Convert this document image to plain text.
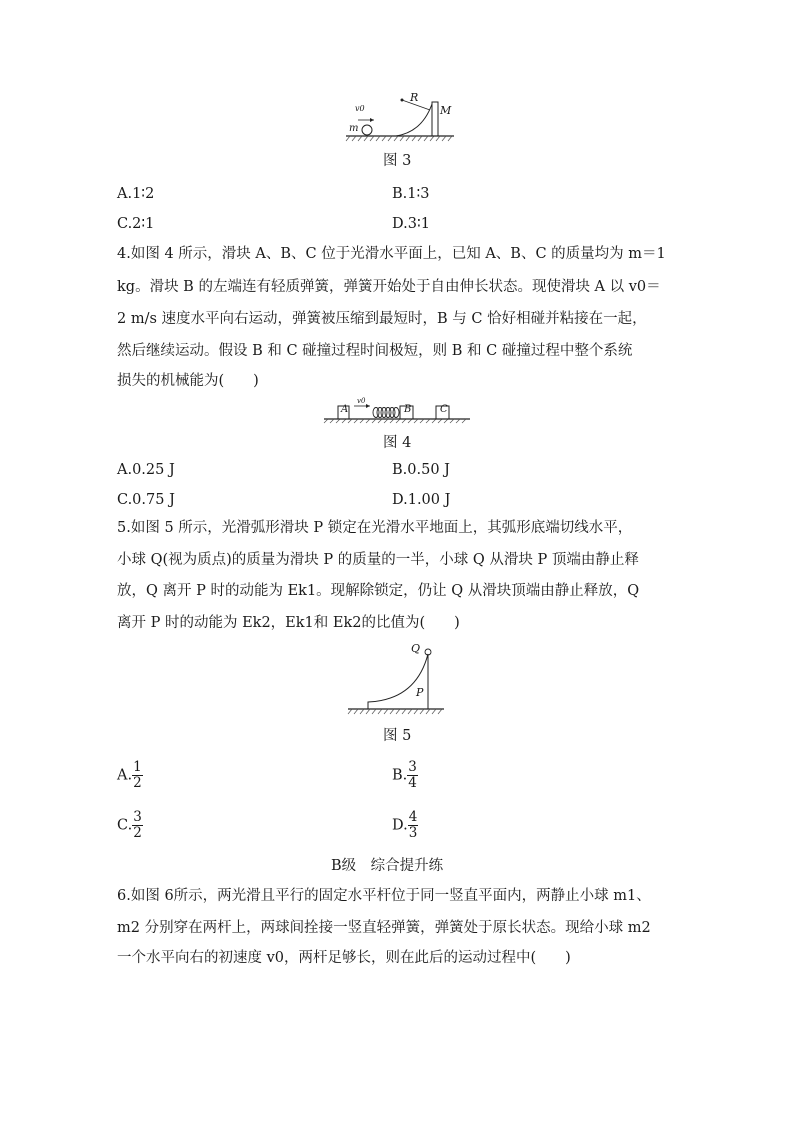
v0
m
R
M
图 3
A.1∶2	B.1∶3
C.2∶1	D.3∶1
4.如图 4 所示，滑块 A、B、C 位于光滑水平面上，已知 A、B、C 的质量均为 m＝1
kg。滑块 B 的左端连有轻质弹簧，弹簧开始处于自由伸长状态。现使滑块 A 以 v0＝
2 m/s 速度水平向右运动，弹簧被压缩到最短时，B 与 C 恰好相碰并粘接在一起，
然后继续运动。假设 B 和 C 碰撞过程时间极短，则 B 和 C 碰撞过程中整个系统
损失的机械能为(　　)
A
v0
B	C
图 4
A.0.25 J	B.0.50 J
C.0.75 J	D.1.00 J
5.如图 5 所示，光滑弧形滑块 P 锁定在光滑水平地面上，其弧形底端切线水平，
小球 Q(视为质点)的质量为滑块 P 的质量的一半，小球 Q 从滑块 P 顶端由静止释
放，Q 离开 P 时的动能为 Ek1。现解除锁定，仍让 Q 从滑块顶端由静止释放，Q
离开 P 时的动能为 Ek2，Ek1和 Ek2的比值为(　　)
Q
P
图 5
A. $\frac{1}{2}$	B. $\frac{3}{4}$
C. $\frac{3}{2}$	D. $\frac{4}{3}$
B级　综合提升练
6.如图 6所示，两光滑且平行的固定水平杆位于同一竖直平面内，两静止小球 m1、
m2 分别穿在两杆上，两球间拴接一竖直轻弹簧，弹簧处于原长状态。现给小球 m2
一个水平向右的初速度 v0，两杆足够长，则在此后的运动过程中(　　)
